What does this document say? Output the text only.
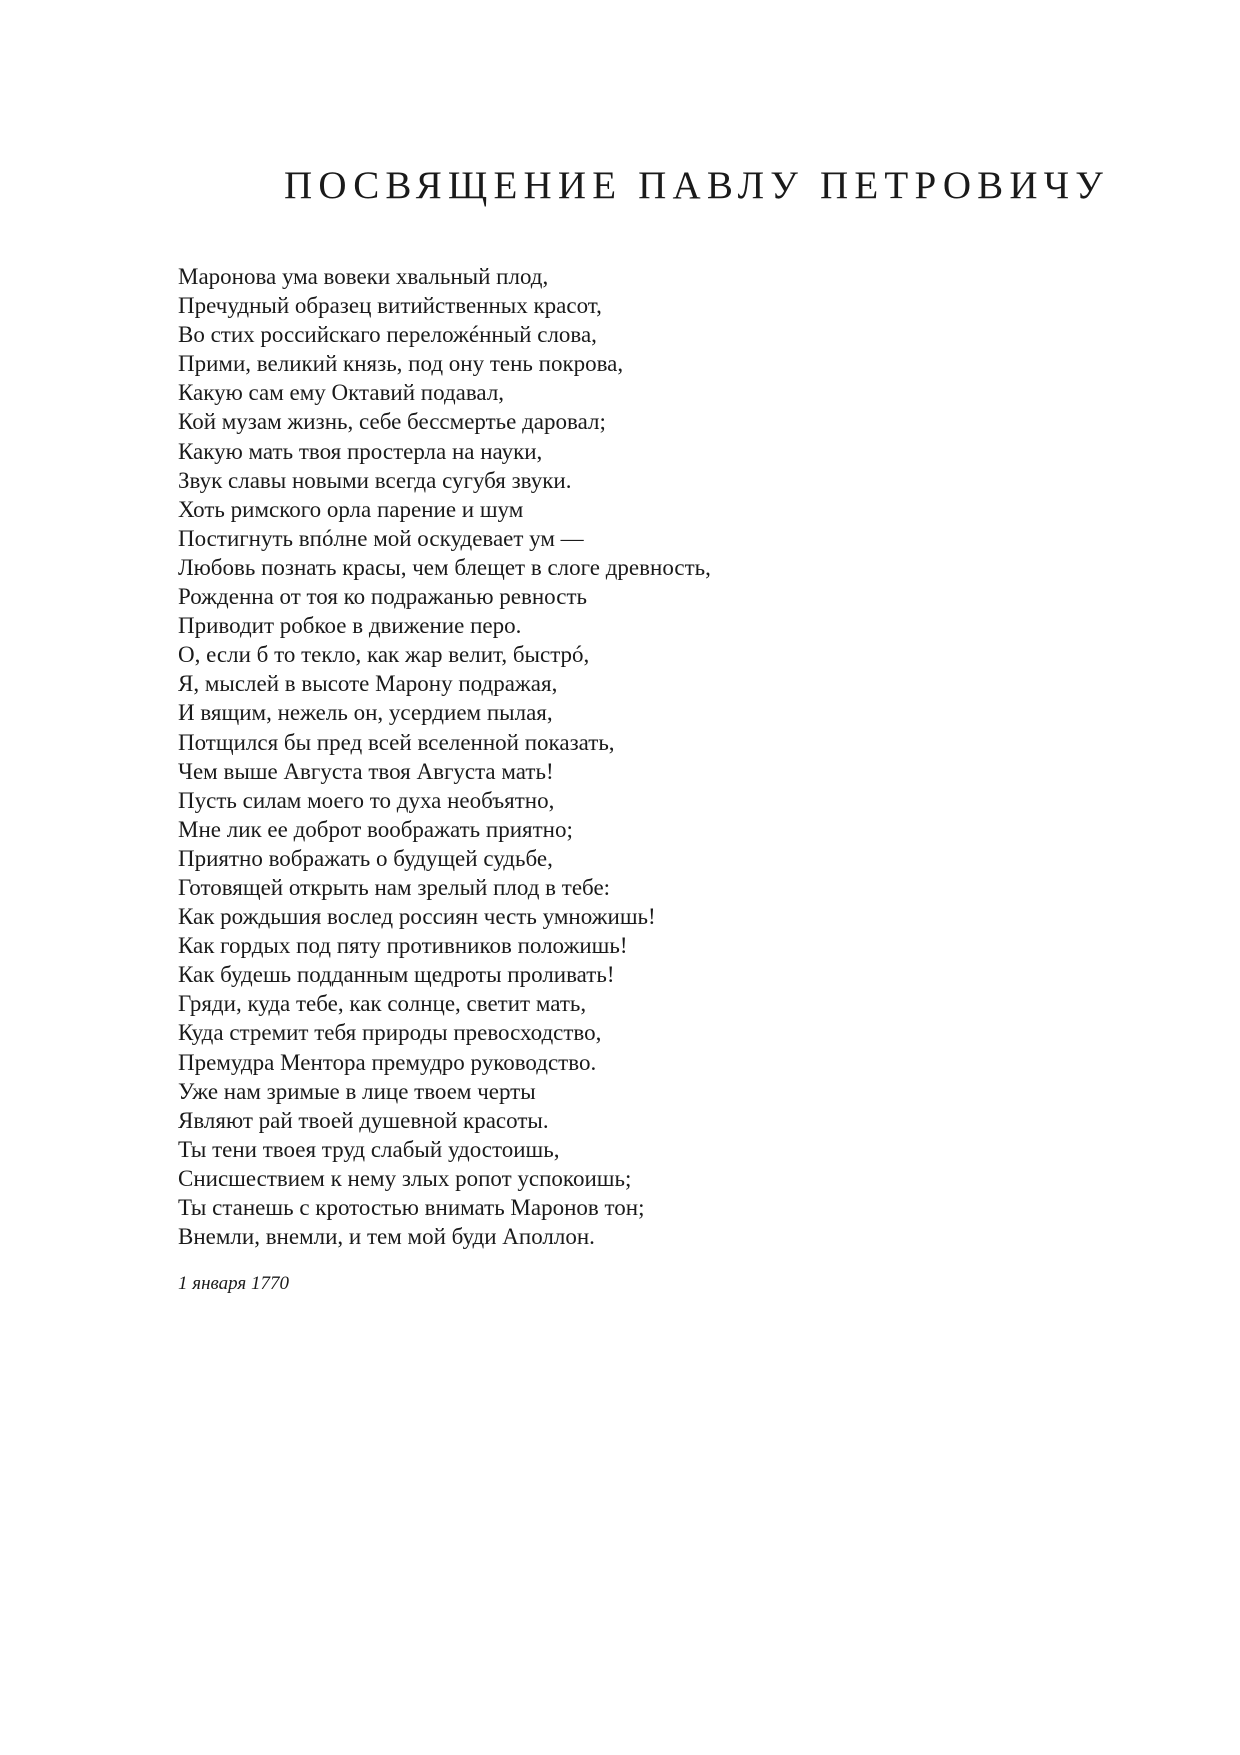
ПОСВЯЩЕНИЕ ПАВЛУ ПЕТРОВИЧУ
Маронова ума вовеки хвальный плод,
Пречудный образец витийственных красот,
Во стих российскаго переложéнный слова,
Прими, великий князь, под ону тень покрова,
Какую сам ему Октавий подавал,
Кой музам жизнь, себе бессмертье даровал;
Какую мать твоя простерла на науки,
Звук славы новыми всегда сугубя звуки.
Хоть римского орла парение и шум
Постигнуть впóлне мой оскудевает ум —
Любовь познать красы, чем блещет в слоге древность,
Рожденна от тоя ко подражанью ревность
Приводит робкое в движение перо.
О, если б то текло, как жар велит, быстрó,
Я, мыслей в высоте Марону подражая,
И вящим, нежель он, усердием пылая,
Потщился бы пред всей вселенной показать,
Чем выше Августа твоя Августа мать!
Пусть силам моего то духа необъятно,
Мне лик ее доброт воображать приятно;
Приятно вображать о будущей судьбе,
Готовящей открыть нам зрелый плод в тебе:
Как рождьшия вослед россиян честь умножишь!
Как гордых под пяту противников положишь!
Как будешь подданным щедроты проливать!
Гряди, куда тебе, как солнце, светит мать,
Куда стремит тебя природы превосходство,
Премудра Ментора премудро руководство.
Уже нам зримые в лице твоем черты
Являют рай твоей душевной красоты.
Ты тени твоея труд слабый удостоишь,
Снисшествием к нему злых ропот успокоишь;
Ты станешь с кротостью внимать Маронов тон;
Внемли, внемли, и тем мой буди Аполлон.
1 января 1770
